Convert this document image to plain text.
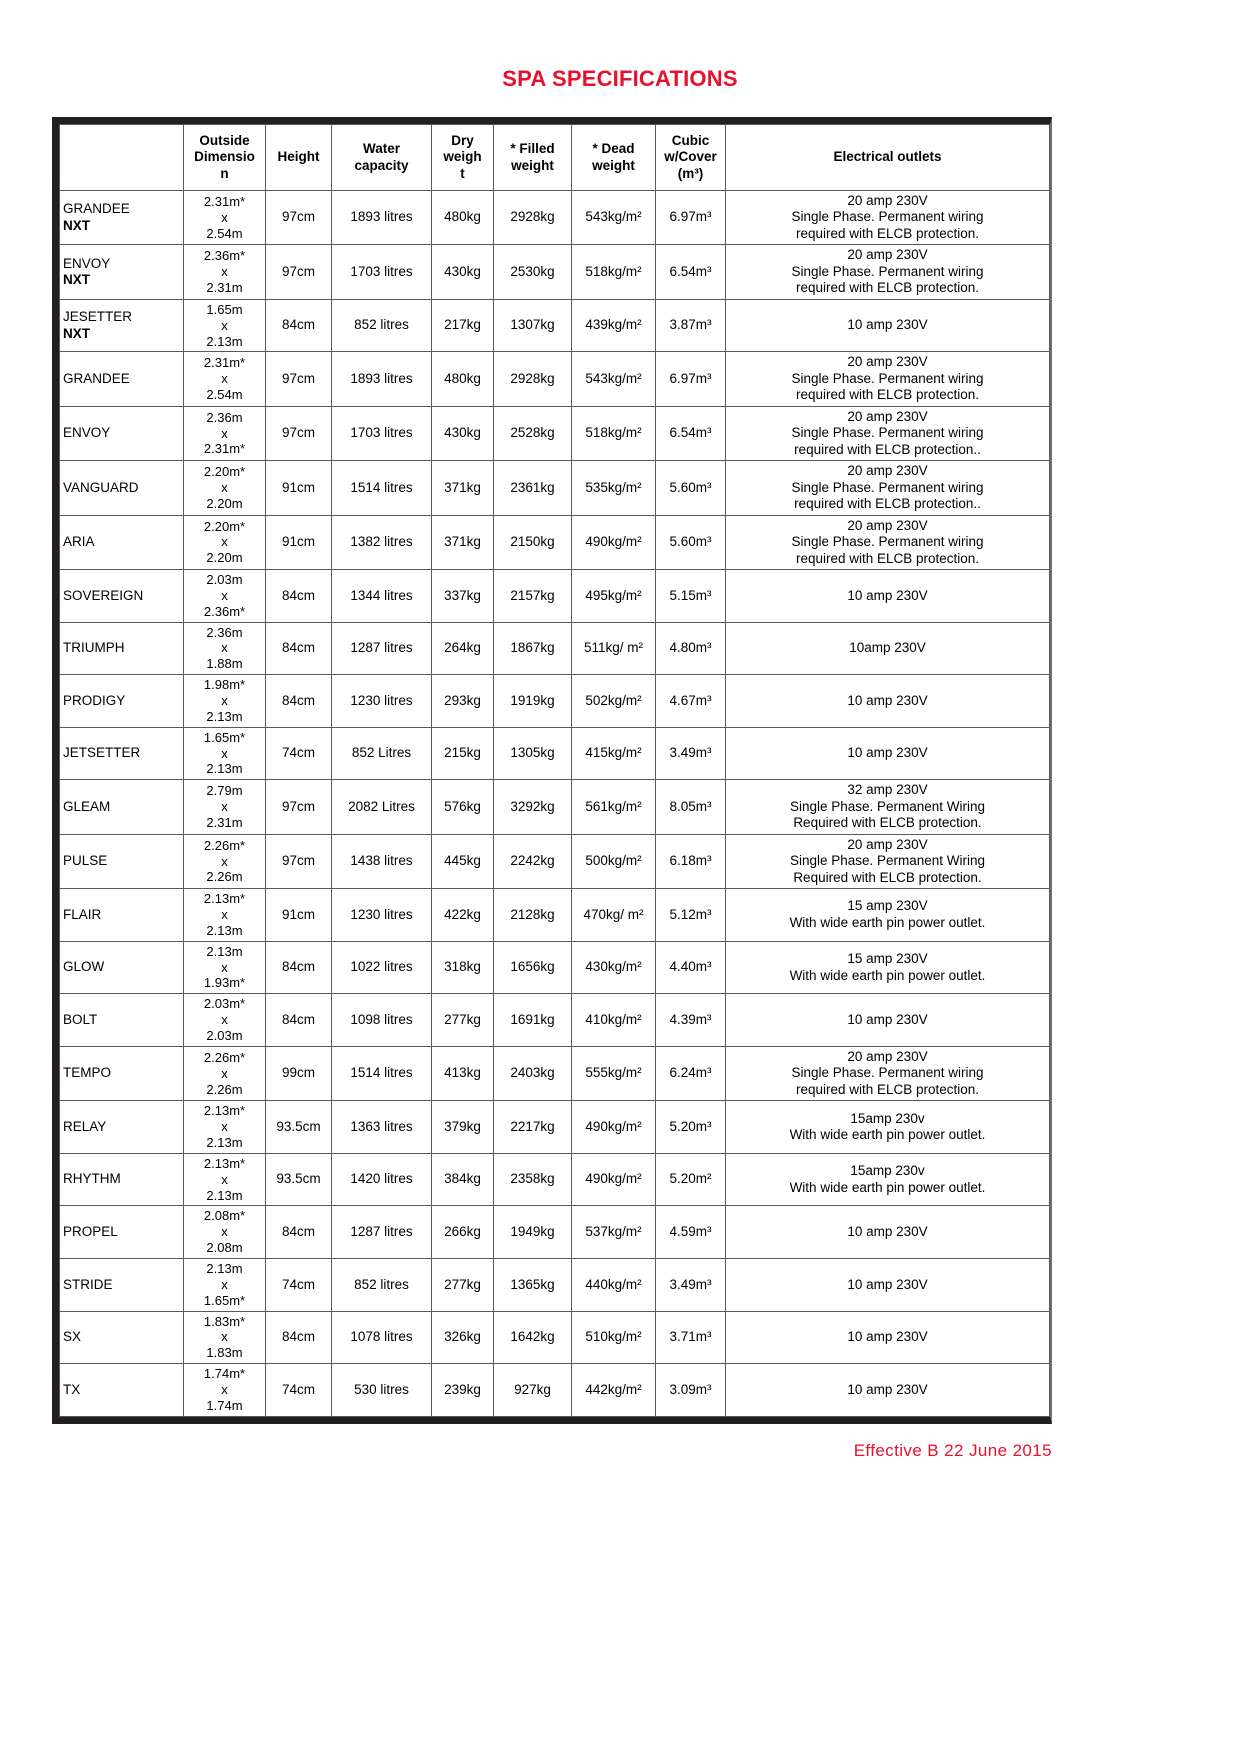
SPA SPECIFICATIONS

	Outside
Dimensio
n	Height	Water
capacity	Dry
weigh
t	* Filled
weight	* Dead
weight	Cubic
w/Cover
(m³)	Electrical outlets
GRANDEE
NXT	2.31m*
x
2.54m	97cm	1893 litres	480kg	2928kg	543kg/m²	6.97m³	20 amp 230V
Single Phase. Permanent wiring
required with ELCB protection.

ENVOY
NXT	2.36m*
x
2.31m	97cm	1703 litres	430kg	2530kg	518kg/m²	6.54m³	20 amp 230V
Single Phase. Permanent wiring
required with ELCB protection.

JESETTER
NXT	1.65m
x
2.13m	84cm	852 litres	217kg	1307kg	439kg/m²	3.87m³	10 amp 230V

GRANDEE	2.31m*
x
2.54m	97cm	1893 litres	480kg	2928kg	543kg/m²	6.97m³	20 amp 230V
Single Phase. Permanent wiring
required with ELCB protection.

ENVOY	2.36m
x
2.31m*	97cm	1703 litres	430kg	2528kg	518kg/m²	6.54m³	20 amp 230V
Single Phase. Permanent wiring
required with ELCB protection..

VANGUARD	2.20m*
x
2.20m	91cm	1514 litres	371kg	2361kg	535kg/m²	5.60m³	20 amp 230V
Single Phase. Permanent wiring
required with ELCB protection..

ARIA	2.20m*
x
2.20m	91cm	1382 litres	371kg	2150kg	490kg/m²	5.60m³	20 amp 230V
Single Phase. Permanent wiring
required with ELCB protection.

SOVEREIGN	2.03m
x
2.36m*	84cm	1344 litres	337kg	2157kg	495kg/m²	5.15m³	10 amp 230V

TRIUMPH	2.36m
x
1.88m	84cm	1287 litres	264kg	1867kg	511kg/ m²	4.80m³	10amp 230V

PRODIGY	1.98m*
x
2.13m	84cm	1230 litres	293kg	1919kg	502kg/m²	4.67m³	10 amp 230V

JETSETTER	1.65m*
x
2.13m	74cm	852 Litres	215kg	1305kg	415kg/m²	3.49m³	10 amp 230V

GLEAM	2.79m
x
2.31m	97cm	2082 Litres	576kg	3292kg	561kg/m²	8.05m³	32 amp 230V
Single Phase. Permanent Wiring
Required with ELCB protection.

PULSE	2.26m*
x
2.26m	97cm	1438 litres	445kg	2242kg	500kg/m²	6.18m³	20 amp 230V
Single Phase. Permanent Wiring
Required with ELCB protection.

FLAIR	2.13m*
x
2.13m	91cm	1230 litres	422kg	2128kg	470kg/ m²	5.12m³	15 amp 230V
With wide earth pin power outlet.

GLOW	2.13m
x
1.93m*	84cm	1022 litres	318kg	1656kg	430kg/m²	4.40m³	15 amp 230V
With wide earth pin power outlet.

BOLT	2.03m*
x
2.03m	84cm	1098 litres	277kg	1691kg	410kg/m²	4.39m³	10 amp 230V

TEMPO	2.26m*
x
2.26m	99cm	1514 litres	413kg	2403kg	555kg/m²	6.24m³	20 amp 230V
Single Phase. Permanent wiring
required with ELCB protection.

RELAY	2.13m*
x
2.13m	93.5cm	1363 litres	379kg	2217kg	490kg/m²	5.20m³	15amp 230v
With wide earth pin power outlet.

RHYTHM	2.13m*
x
2.13m	93.5cm	1420 litres	384kg	2358kg	490kg/m²	5.20m²	15amp 230v
With wide earth pin power outlet.

PROPEL	2.08m*
x
2.08m	84cm	1287 litres	266kg	1949kg	537kg/m²	4.59m³	10 amp 230V

STRIDE	2.13m
x
1.65m*	74cm	852 litres	277kg	1365kg	440kg/m²	3.49m³	10 amp 230V

SX	1.83m*
x
1.83m	84cm	1078 litres	326kg	1642kg	510kg/m²	3.71m³	10 amp 230V

TX	1.74m*
x
1.74m	74cm	530 litres	239kg	927kg	442kg/m²	3.09m³	10 amp 230V
Effective B 22 June 2015
